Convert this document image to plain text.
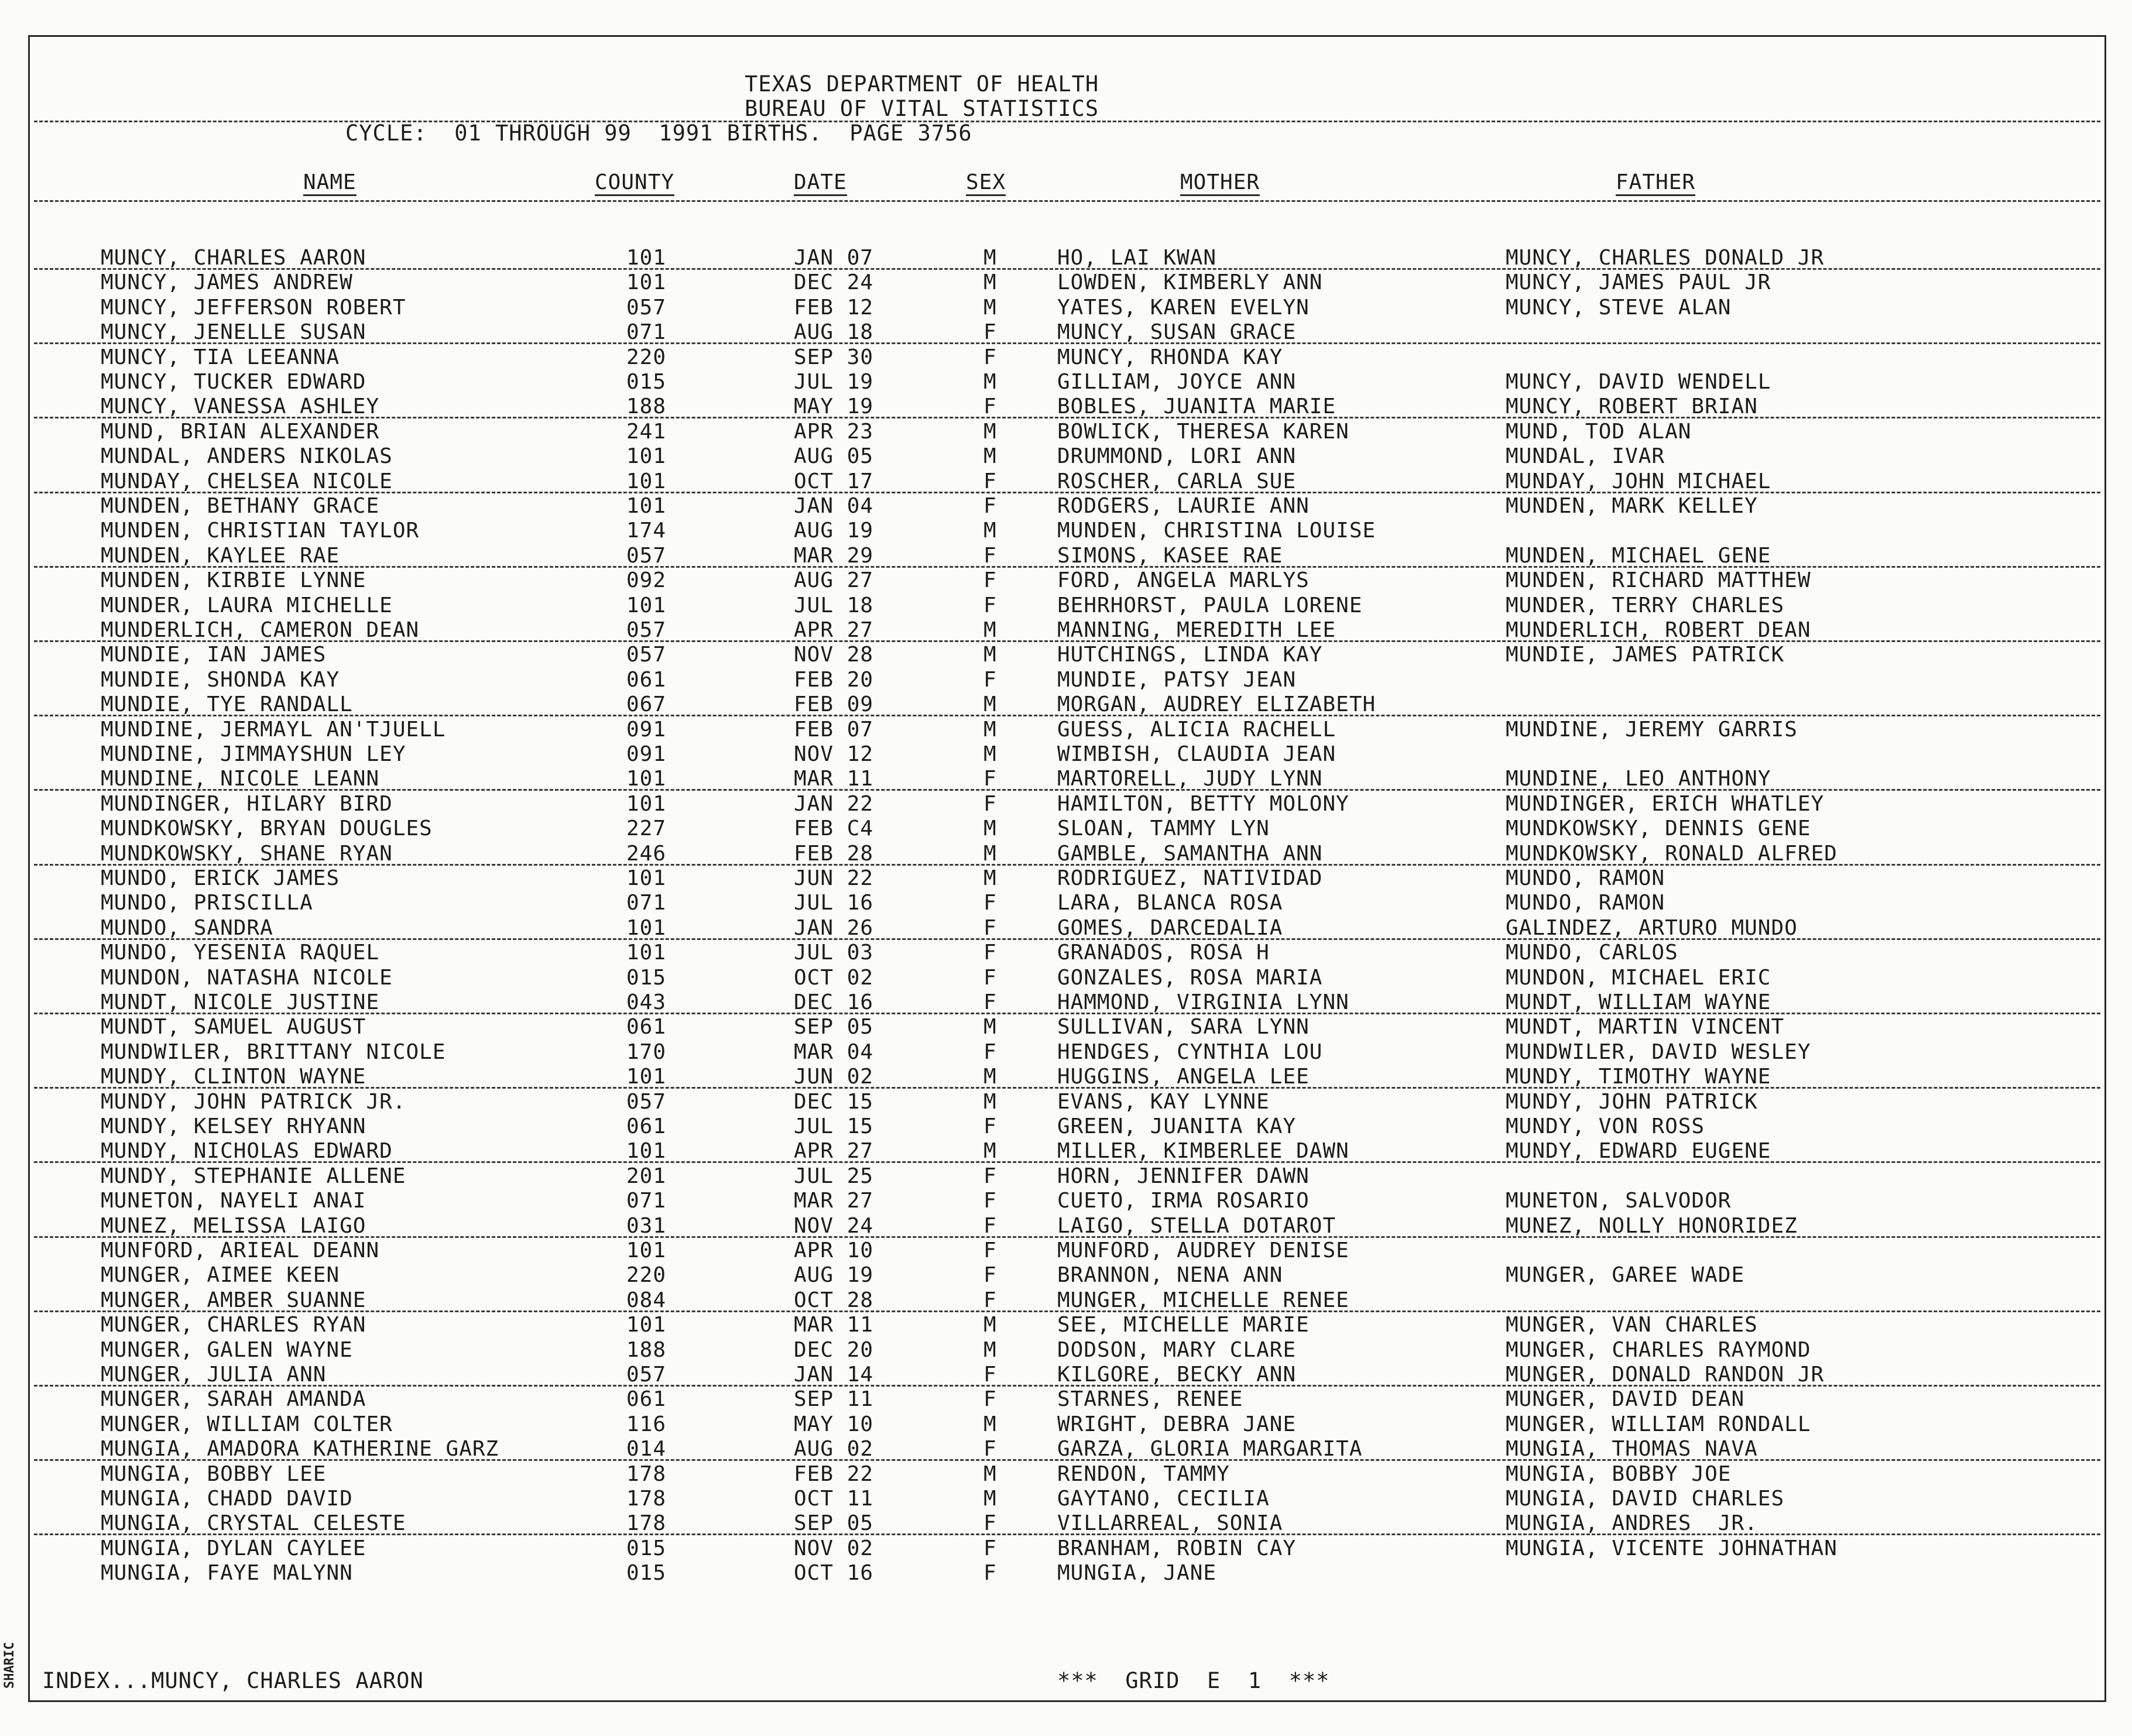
SHARIC
TEXAS DEPARTMENT OF HEALTH
BUREAU OF VITAL STATISTICS
CYCLE:  01 THROUGH 99  1991 BIRTHS.  PAGE 3756
NAME	COUNTY	DATE	SEX	MOTHER	FATHER
MUNCY, CHARLES AARON	101	JAN 07	M	HO, LAI KWAN	MUNCY, CHARLES DONALD JR
MUNCY, JAMES ANDREW	101	DEC 24	M	LOWDEN, KIMBERLY ANN	MUNCY, JAMES PAUL JR
MUNCY, JEFFERSON ROBERT	057	FEB 12	M	YATES, KAREN EVELYN	MUNCY, STEVE ALAN
MUNCY, JENELLE SUSAN	071	AUG 18	F	MUNCY, SUSAN GRACE
MUNCY, TIA LEEANNA	220	SEP 30	F	MUNCY, RHONDA KAY
MUNCY, TUCKER EDWARD	015	JUL 19	M	GILLIAM, JOYCE ANN	MUNCY, DAVID WENDELL
MUNCY, VANESSA ASHLEY	188	MAY 19	F	BOBLES, JUANITA MARIE	MUNCY, ROBERT BRIAN
MUND, BRIAN ALEXANDER	241	APR 23	M	BOWLICK, THERESA KAREN	MUND, TOD ALAN
MUNDAL, ANDERS NIKOLAS	101	AUG 05	M	DRUMMOND, LORI ANN	MUNDAL, IVAR
MUNDAY, CHELSEA NICOLE	101	OCT 17	F	ROSCHER, CARLA SUE	MUNDAY, JOHN MICHAEL
MUNDEN, BETHANY GRACE	101	JAN 04	F	RODGERS, LAURIE ANN	MUNDEN, MARK KELLEY
MUNDEN, CHRISTIAN TAYLOR	174	AUG 19	M	MUNDEN, CHRISTINA LOUISE
MUNDEN, KAYLEE RAE	057	MAR 29	F	SIMONS, KASEE RAE	MUNDEN, MICHAEL GENE
MUNDEN, KIRBIE LYNNE	092	AUG 27	F	FORD, ANGELA MARLYS	MUNDEN, RICHARD MATTHEW
MUNDER, LAURA MICHELLE	101	JUL 18	F	BEHRHORST, PAULA LORENE	MUNDER, TERRY CHARLES
MUNDERLICH, CAMERON DEAN	057	APR 27	M	MANNING, MEREDITH LEE	MUNDERLICH, ROBERT DEAN
MUNDIE, IAN JAMES	057	NOV 28	M	HUTCHINGS, LINDA KAY	MUNDIE, JAMES PATRICK
MUNDIE, SHONDA KAY	061	FEB 20	F	MUNDIE, PATSY JEAN
MUNDIE, TYE RANDALL	067	FEB 09	M	MORGAN, AUDREY ELIZABETH
MUNDINE, JERMAYL AN'TJUELL	091	FEB 07	M	GUESS, ALICIA RACHELL	MUNDINE, JEREMY GARRIS
MUNDINE, JIMMAYSHUN LEY	091	NOV 12	M	WIMBISH, CLAUDIA JEAN
MUNDINE, NICOLE LEANN	101	MAR 11	F	MARTORELL, JUDY LYNN	MUNDINE, LEO ANTHONY
MUNDINGER, HILARY BIRD	101	JAN 22	F	HAMILTON, BETTY MOLONY	MUNDINGER, ERICH WHATLEY
MUNDKOWSKY, BRYAN DOUGLES	227	FEB C4	M	SLOAN, TAMMY LYN	MUNDKOWSKY, DENNIS GENE
MUNDKOWSKY, SHANE RYAN	246	FEB 28	M	GAMBLE, SAMANTHA ANN	MUNDKOWSKY, RONALD ALFRED
MUNDO, ERICK JAMES	101	JUN 22	M	RODRIGUEZ, NATIVIDAD	MUNDO, RAMON
MUNDO, PRISCILLA	071	JUL 16	F	LARA, BLANCA ROSA	MUNDO, RAMON
MUNDO, SANDRA	101	JAN 26	F	GOMES, DARCEDALIA	GALINDEZ, ARTURO MUNDO
MUNDO, YESENIA RAQUEL	101	JUL 03	F	GRANADOS, ROSA H	MUNDO, CARLOS
MUNDON, NATASHA NICOLE	015	OCT 02	F	GONZALES, ROSA MARIA	MUNDON, MICHAEL ERIC
MUNDT, NICOLE JUSTINE	043	DEC 16	F	HAMMOND, VIRGINIA LYNN	MUNDT, WILLIAM WAYNE
MUNDT, SAMUEL AUGUST	061	SEP 05	M	SULLIVAN, SARA LYNN	MUNDT, MARTIN VINCENT
MUNDWILER, BRITTANY NICOLE	170	MAR 04	F	HENDGES, CYNTHIA LOU	MUNDWILER, DAVID WESLEY
MUNDY, CLINTON WAYNE	101	JUN 02	M	HUGGINS, ANGELA LEE	MUNDY, TIMOTHY WAYNE
MUNDY, JOHN PATRICK JR.	057	DEC 15	M	EVANS, KAY LYNNE	MUNDY, JOHN PATRICK
MUNDY, KELSEY RHYANN	061	JUL 15	F	GREEN, JUANITA KAY	MUNDY, VON ROSS
MUNDY, NICHOLAS EDWARD	101	APR 27	M	MILLER, KIMBERLEE DAWN	MUNDY, EDWARD EUGENE
MUNDY, STEPHANIE ALLENE	201	JUL 25	F	HORN, JENNIFER DAWN
MUNETON, NAYELI ANAI	071	MAR 27	F	CUETO, IRMA ROSARIO	MUNETON, SALVODOR
MUNEZ, MELISSA LAIGO	031	NOV 24	F	LAIGO, STELLA DOTAROT	MUNEZ, NOLLY HONORIDEZ
MUNFORD, ARIEAL DEANN	101	APR 10	F	MUNFORD, AUDREY DENISE
MUNGER, AIMEE KEEN	220	AUG 19	F	BRANNON, NENA ANN	MUNGER, GAREE WADE
MUNGER, AMBER SUANNE	084	OCT 28	F	MUNGER, MICHELLE RENEE
MUNGER, CHARLES RYAN	101	MAR 11	M	SEE, MICHELLE MARIE	MUNGER, VAN CHARLES
MUNGER, GALEN WAYNE	188	DEC 20	M	DODSON, MARY CLARE	MUNGER, CHARLES RAYMOND
MUNGER, JULIA ANN	057	JAN 14	F	KILGORE, BECKY ANN	MUNGER, DONALD RANDON JR
MUNGER, SARAH AMANDA	061	SEP 11	F	STARNES, RENEE	MUNGER, DAVID DEAN
MUNGER, WILLIAM COLTER	116	MAY 10	M	WRIGHT, DEBRA JANE	MUNGER, WILLIAM RONDALL
MUNGIA, AMADORA KATHERINE GARZ	014	AUG 02	F	GARZA, GLORIA MARGARITA	MUNGIA, THOMAS NAVA
MUNGIA, BOBBY LEE	178	FEB 22	M	RENDON, TAMMY	MUNGIA, BOBBY JOE
MUNGIA, CHADD DAVID	178	OCT 11	M	GAYTANO, CECILIA	MUNGIA, DAVID CHARLES
MUNGIA, CRYSTAL CELESTE	178	SEP 05	F	VILLARREAL, SONIA	MUNGIA, ANDRES  JR.
MUNGIA, DYLAN CAYLEE	015	NOV 02	F	BRANHAM, ROBIN CAY	MUNGIA, VICENTE JOHNATHAN
MUNGIA, FAYE MALYNN	015	OCT 16	F	MUNGIA, JANE
INDEX...MUNCY, CHARLES AARON	***  GRID  E  1  ***
